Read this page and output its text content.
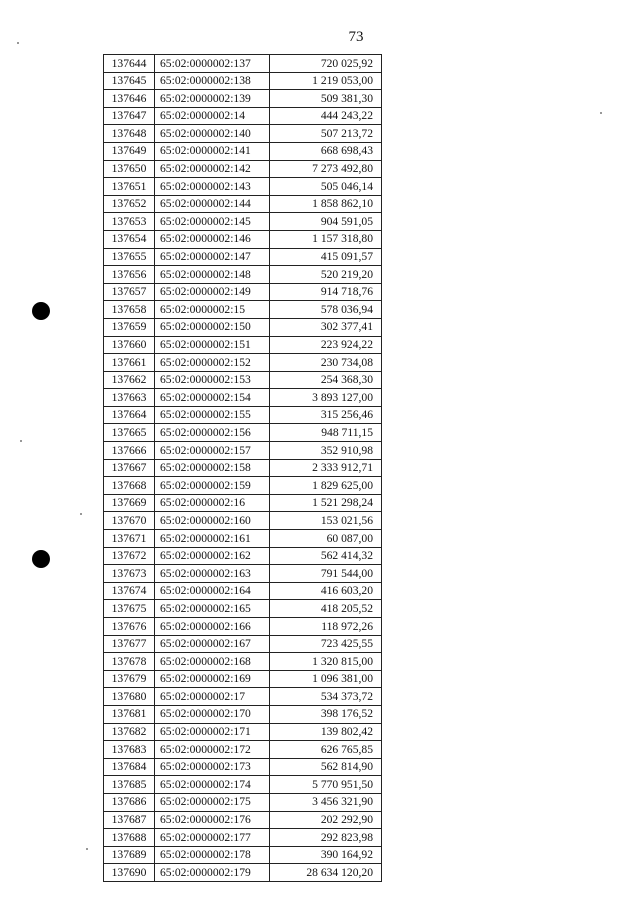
73
137644	65:02:0000002:137	720 025,92
137645	65:02:0000002:138	1 219 053,00
137646	65:02:0000002:139	509 381,30
137647	65:02:0000002:14	444 243,22
137648	65:02:0000002:140	507 213,72
137649	65:02:0000002:141	668 698,43
137650	65:02:0000002:142	7 273 492,80
137651	65:02:0000002:143	505 046,14
137652	65:02:0000002:144	1 858 862,10
137653	65:02:0000002:145	904 591,05
137654	65:02:0000002:146	1 157 318,80
137655	65:02:0000002:147	415 091,57
137656	65:02:0000002:148	520 219,20
137657	65:02:0000002:149	914 718,76
137658	65:02:0000002:15	578 036,94
137659	65:02:0000002:150	302 377,41
137660	65:02:0000002:151	223 924,22
137661	65:02:0000002:152	230 734,08
137662	65:02:0000002:153	254 368,30
137663	65:02:0000002:154	3 893 127,00
137664	65:02:0000002:155	315 256,46
137665	65:02:0000002:156	948 711,15
137666	65:02:0000002:157	352 910,98
137667	65:02:0000002:158	2 333 912,71
137668	65:02:0000002:159	1 829 625,00
137669	65:02:0000002:16	1 521 298,24
137670	65:02:0000002:160	153 021,56
137671	65:02:0000002:161	60 087,00
137672	65:02:0000002:162	562 414,32
137673	65:02:0000002:163	791 544,00
137674	65:02:0000002:164	416 603,20
137675	65:02:0000002:165	418 205,52
137676	65:02:0000002:166	118 972,26
137677	65:02:0000002:167	723 425,55
137678	65:02:0000002:168	1 320 815,00
137679	65:02:0000002:169	1 096 381,00
137680	65:02:0000002:17	534 373,72
137681	65:02:0000002:170	398 176,52
137682	65:02:0000002:171	139 802,42
137683	65:02:0000002:172	626 765,85
137684	65:02:0000002:173	562 814,90
137685	65:02:0000002:174	5 770 951,50
137686	65:02:0000002:175	3 456 321,90
137687	65:02:0000002:176	202 292,90
137688	65:02:0000002:177	292 823,98
137689	65:02:0000002:178	390 164,92
137690	65:02:0000002:179	28 634 120,20
